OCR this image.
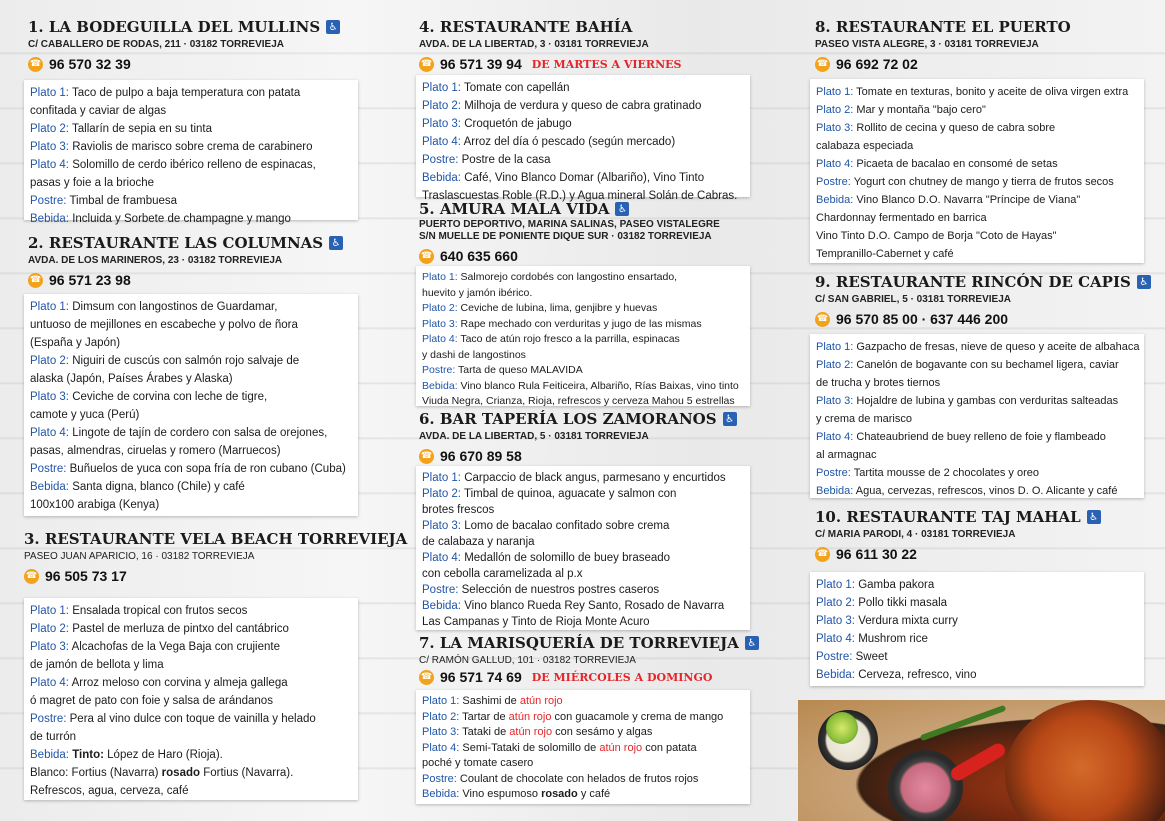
1. LA BODEGUILLA DEL MULLINS ♿
C/ CABALLERO DE RODAS, 211 · 03182 TORREVIEJA
☎ 96 570 32 39
Plato 1: Taco de pulpo a baja temperatura con patata
confitada y caviar de algas
Plato 2: Tallarín de sepia en su tinta
Plato 3: Raviolis de marisco sobre crema de carabinero
Plato 4: Solomillo de cerdo ibérico relleno de espinacas,
pasas y foie a la brioche
Postre: Timbal de frambuesa
Bebida: Incluida y Sorbete de champagne y mango
2. RESTAURANTE LAS COLUMNAS ♿
AVDA. DE LOS MARINEROS, 23 · 03182 TORREVIEJA
☎ 96 571 23 98
Plato 1: Dimsum con langostinos de Guardamar,
untuoso de mejillones en escabeche y polvo de ñora
(España y Japón)
Plato 2: Niguiri de cuscús con salmón rojo salvaje de
alaska (Japón, Países Árabes y Alaska)
Plato 3: Ceviche de corvina con leche de tigre,
camote y yuca (Perú)
Plato 4: Lingote de tajín de cordero con salsa de orejones,
pasas, almendras, ciruelas y romero (Marruecos)
Postre: Buñuelos de yuca con sopa fría de ron cubano (Cuba)
Bebida: Santa digna, blanco (Chile) y café
100x100 arabiga (Kenya)
3. RESTAURANTE VELA BEACH TORREVIEJA
PASEO JUAN APARICIO, 16 · 03182 TORREVIEJA
☎ 96 505 73 17
Plato 1: Ensalada tropical con frutos secos
Plato 2: Pastel de merluza de pintxo del cantábrico
Plato 3: Alcachofas de la Vega Baja con crujiente
de jamón de bellota y lima
Plato 4: Arroz meloso con corvina y almeja gallega
ó magret de pato con foie y salsa de arándanos
Postre: Pera al vino dulce con toque de vainilla y helado
de turrón
Bebida: Tinto: López de Haro (Rioja).
Blanco: Fortius (Navarra) rosado Fortius (Navarra).
Refrescos, agua, cerveza, café
4. RESTAURANTE BAHÍA
AVDA. DE LA LIBERTAD, 3 · 03181 TORREVIEJA
☎ 96 571 39 94 DE MARTES A VIERNES
Plato 1: Tomate con capellán
Plato 2: Milhoja de verdura y queso de cabra gratinado
Plato 3: Croquetón de jabugo
Plato 4: Arroz del día ó pescado (según mercado)
Postre: Postre de la casa
Bebida: Café, Vino Blanco Domar (Albariño), Vino Tinto
Traslascuestas Roble (R.D.) y Agua mineral Solán de Cabras.
5. AMURA MALA VIDA ♿
PUERTO DEPORTIVO, MARINA SALINAS, PASEO VISTALEGRE
S/N MUELLE DE PONIENTE DIQUE SUR · 03182 TORREVIEJA
☎ 640 635 660
Plato 1: Salmorejo cordobés con langostino ensartado,
huevito y jamón ibérico.
Plato 2: Ceviche de lubina, lima, genjibre y huevas
Plato 3: Rape mechado con verduritas y jugo de las mismas
Plato 4: Taco de atún rojo fresco a la parrilla, espinacas
y dashi de langostinos
Postre: Tarta de queso MALAVIDA
Bebida: Vino blanco Rula Feiticeira, Albariño, Rías Baixas, vino tinto
Viuda Negra, Crianza, Rioja, refrescos y cerveza Mahou 5 estrellas
6. BAR TAPERÍA LOS ZAMORANOS ♿
AVDA. DE LA LIBERTAD, 5 · 03181 TORREVIEJA
☎ 96 670 89 58
Plato 1: Carpaccio de black angus, parmesano y encurtidos
Plato 2: Timbal de quinoa, aguacate y salmon con
brotes frescos
Plato 3: Lomo de bacalao confitado sobre crema
de calabaza y naranja
Plato 4: Medallón de solomillo de buey braseado
con cebolla caramelizada al p.x
Postre: Selección de nuestros postres caseros
Bebida: Vino blanco Rueda Rey Santo, Rosado de Navarra
Las Campanas y Tinto de Rioja Monte Acuro
7. LA MARISQUERÍA DE TORREVIEJA ♿
C/ RAMÓN GALLUD, 101 · 03182 TORREVIEJA
☎ 96 571 74 69 DE MIÉRCOLES A DOMINGO
Plato 1: Sashimi de atún rojo
Plato 2: Tartar de atún rojo con guacamole y crema de mango
Plato 3: Tataki de atún rojo con sesámo y algas
Plato 4: Semi-Tataki de solomillo de atún rojo con patata
poché y tomate casero
Postre: Coulant de chocolate con helados de frutos rojos
Bebida: Vino espumoso rosado y café
8. RESTAURANTE EL PUERTO
PASEO VISTA ALEGRE, 3 · 03181 TORREVIEJA
☎ 96 692 72 02
Plato 1: Tomate en texturas, bonito y aceite de oliva virgen extra
Plato 2: Mar y montaña "bajo cero"
Plato 3: Rollito de cecina y queso de cabra sobre
calabaza especiada
Plato 4: Picaeta de bacalao en consomé de setas
Postre: Yogurt con chutney de mango y tierra de frutos secos
Bebida: Vino Blanco D.O. Navarra "Príncipe de Viana"
Chardonnay fermentado en barrica
Vino Tinto D.O. Campo de Borja "Coto de Hayas"
Tempranillo-Cabernet y café
9. RESTAURANTE RINCÓN DE CAPIS ♿
C/ SAN GABRIEL, 5 · 03181 TORREVIEJA
☎ 96 570 85 00 · 637 446 200
Plato 1: Gazpacho de fresas, nieve de queso y aceite de albahaca
Plato 2: Canelón de bogavante con su bechamel ligera, caviar
de trucha y brotes tiernos
Plato 3: Hojaldre de lubina y gambas con verduritas salteadas
y crema de marisco
Plato 4: Chateaubriend de buey relleno de foie y flambeado
al armagnac
Postre: Tartita mousse de 2 chocolates y oreo
Bebida: Agua, cervezas, refrescos, vinos D. O. Alicante y café
10. RESTAURANTE TAJ MAHAL ♿
C/ MARIA PARODI, 4 · 03181 TORREVIEJA
☎ 96 611 30 22
Plato 1: Gamba pakora
Plato 2: Pollo tikki masala
Plato 3: Verdura mixta curry
Plato 4: Mushrom rice
Postre: Sweet
Bebida: Cerveza, refresco, vino
